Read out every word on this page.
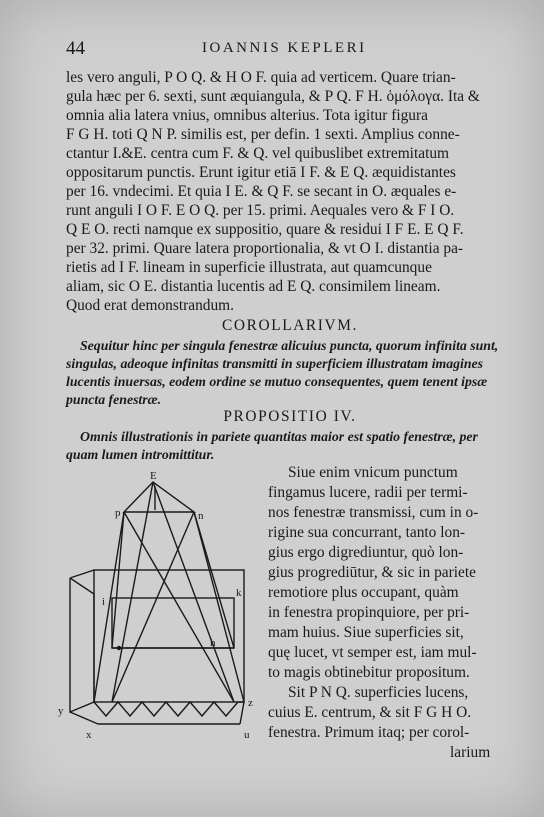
44	IOANNIS KEPLERI
les vero anguli, P O Q. & H O F. quia ad verticem. Quare trian-
gula hæc per 6. sexti, sunt æquiangula, & P Q. F H. ὁμόλογα. Ita &
omnia alia latera vnius, omnibus alterius. Tota igitur figura
F G H. toti Q N P. similis est, per defin. 1 sexti. Amplius conne-
ctantur I.&E. centra cum F. & Q. vel quibuslibet extremitatum
oppositarum punctis. Erunt igitur etiā I F. & E Q. æquidistantes
per 16. vndecimi. Et quia I E. & Q F. se secant in O. æquales e-
runt anguli I O F. E O Q. per 15. primi. Aequales vero & F I O.
Q E O. recti namque ex suppositio, quare & residui I F E. E Q F.
per 32. primi. Quare latera proportionalia, & vt O I. distantia pa-
rietis ad I F. lineam in superficie illustrata, aut quamcunque
aliam, sic O E. distantia lucentis ad E Q. consimilem lineam.
Quod erat demonstrandum.
COROLLARIVM.
Sequitur hinc per singula fenestræ alicuius puncta, quorum infinita sunt,
singulas, adeoque infinitas transmitti in superficiem illustratam imagines
lucentis inuersas, eodem ordine se mutuo consequentes, quem tenent ipsæ
puncta fenestræ.
PROPOSITIO IV.
Omnis illustrationis in pariete quantitas maior est spatio fenestræ, per
quam lumen intromittitur.
Siue enim vnicum punctum
fingamus lucere, radii per termi-
nos fenestræ transmissi, cum in o-
rigine sua concurrant, tanto lon-
gius ergo digrediuntur, quò lon-
gius progrediūtur, & sic in pariete
remotiore plus occupant, quàm
in fenestra propinquiore, per pri-
mam huius. Siue superficies sit,
quę lucet, vt semper est, iam mul-
to magis obtinebitur propositum.
Sit P N Q. superficies lucens,
cuius E. centrum, & sit F G H O.
fenestra. Primum itaq; per corol-
larium
E
p	n
i
k
h
y
x	u
z
